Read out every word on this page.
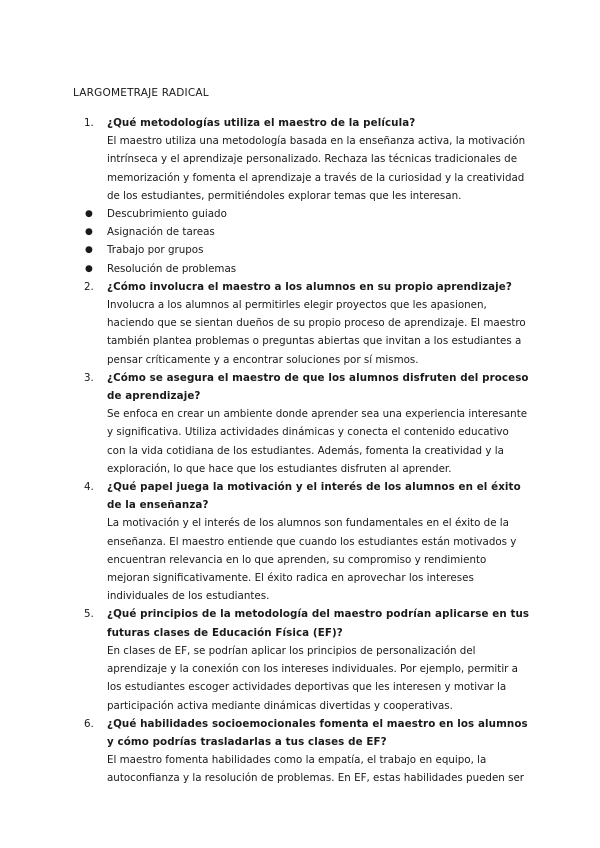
LARGOMETRAJE RADICAL
1. ¿Qué metodologías utiliza el maestro de la película?
El maestro utiliza una metodología basada en la enseñanza activa, la motivación intrínseca y el aprendizaje personalizado. Rechaza las técnicas tradicionales de memorización y fomenta el aprendizaje a través de la curiosidad y la creatividad de los estudiantes, permitiéndoles explorar temas que les interesan.
● Descubrimiento guiado
● Asignación de tareas
● Trabajo por grupos
● Resolución de problemas
2. ¿Cómo involucra el maestro a los alumnos en su propio aprendizaje?
Involucra a los alumnos al permitirles elegir proyectos que les apasionen, haciendo que se sientan dueños de su propio proceso de aprendizaje. El maestro también plantea problemas o preguntas abiertas que invitan a los estudiantes a pensar críticamente y a encontrar soluciones por sí mismos.
3. ¿Cómo se asegura el maestro de que los alumnos disfruten del proceso de aprendizaje?
Se enfoca en crear un ambiente donde aprender sea una experiencia interesante y significativa. Utiliza actividades dinámicas y conecta el contenido educativo con la vida cotidiana de los estudiantes. Además, fomenta la creatividad y la exploración, lo que hace que los estudiantes disfruten al aprender.
4. ¿Qué papel juega la motivación y el interés de los alumnos en el éxito de la enseñanza?
La motivación y el interés de los alumnos son fundamentales en el éxito de la enseñanza. El maestro entiende que cuando los estudiantes están motivados y encuentran relevancia en lo que aprenden, su compromiso y rendimiento mejoran significativamente. El éxito radica en aprovechar los intereses individuales de los estudiantes.
5. ¿Qué principios de la metodología del maestro podrían aplicarse en tus futuras clases de Educación Física (EF)?
En clases de EF, se podrían aplicar los principios de personalización del aprendizaje y la conexión con los intereses individuales. Por ejemplo, permitir a los estudiantes escoger actividades deportivas que les interesen y motivar la participación activa mediante dinámicas divertidas y cooperativas.
6. ¿Qué habilidades socioemocionales fomenta el maestro en los alumnos y cómo podrías trasladarlas a tus clases de EF?
El maestro fomenta habilidades como la empatía, el trabajo en equipo, la autoconfianza y la resolución de problemas. En EF, estas habilidades pueden ser
